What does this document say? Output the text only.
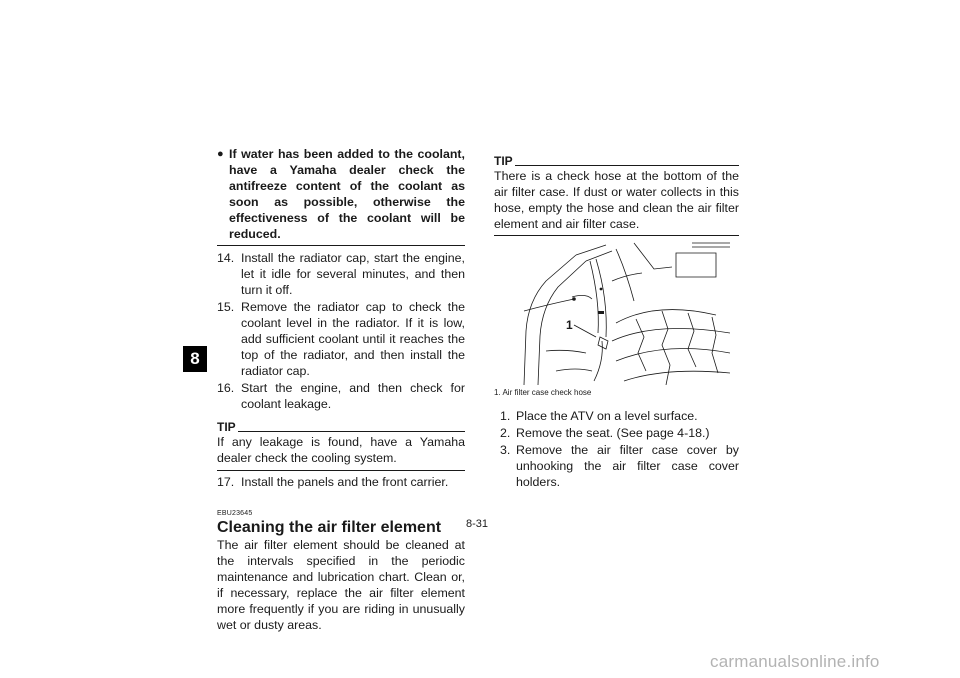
8
● If water has been added to the coolant, have a Yamaha dealer check the antifreeze content of the coolant as soon as possible, otherwise the effectiveness of the coolant will be reduced.
14. Install the radiator cap, start the engine, let it idle for several minutes, and then turn it off.
15. Remove the radiator cap to check the coolant level in the radiator. If it is low, add sufficient coolant until it reaches the top of the radiator, and then install the radiator cap.
16. Start the engine, and then check for coolant leakage.
TIP
If any leakage is found, have a Yamaha dealer check the cooling system.
17. Install the panels and the front carrier.
EBU23645
Cleaning the air filter element
The air filter element should be cleaned at the intervals specified in the periodic maintenance and lubrication chart. Clean or, if necessary, replace the air filter element more frequently if you are riding in unusually wet or dusty areas.
TIP
There is a check hose at the bottom of the air filter case. If dust or water collects in this hose, empty the hose and clean the air filter element and air filter case.
1
1. Air filter case check hose
1. Place the ATV on a level surface.
2. Remove the seat. (See page 4-18.)
3. Remove the air filter case cover by unhooking the air filter case cover holders.
8-31
carmanualsonline.info
